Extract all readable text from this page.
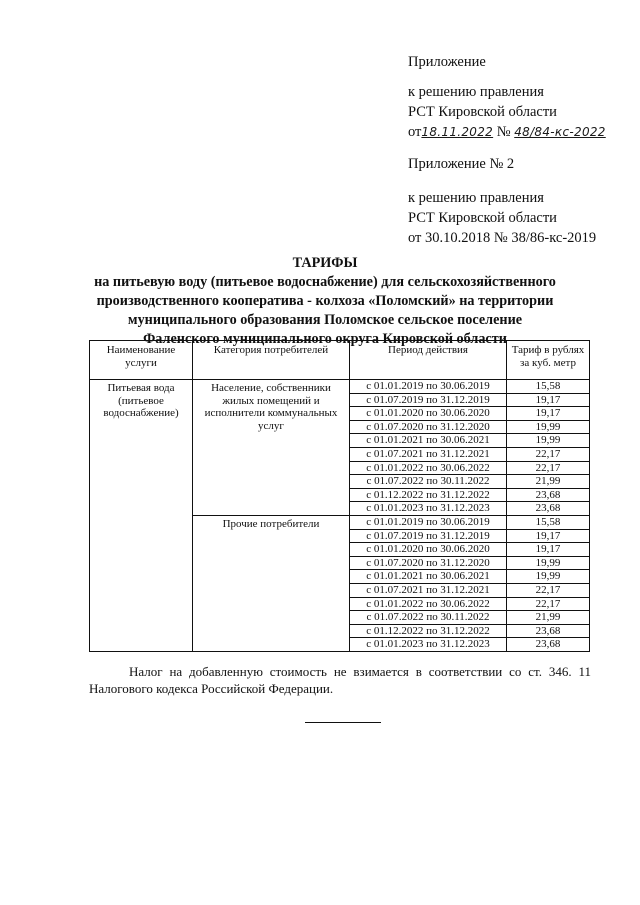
Приложение
к решению правления
РСТ Кировской области
от18.11.2022 № 48/84-кс-2022
Приложение № 2
к решению правления
РСТ Кировской области
от 30.10.2018 № 38/86-кс-2019
ТАРИФЫ
на питьевую воду (питьевое водоснабжение) для сельскохозяйственного
производственного кооператива - колхоза «Поломский» на территории
муниципального образования Поломское сельское поселение
Фаленского муниципального округа Кировской области
Наименование услуги	Категория потребителей	Период действия	Тариф в рублях за куб. метр
Питьевая вода (питьевое водоснабжение)	Население, собственники жилых помещений и исполнители коммунальных услуг	с 01.01.2019 по 30.06.2019	15,58
		с 01.07.2019 по 31.12.2019	19,17
		с 01.01.2020 по 30.06.2020	19,17
		с 01.07.2020 по 31.12.2020	19,99
		с 01.01.2021 по 30.06.2021	19,99
		с 01.07.2021 по 31.12.2021	22,17
		с 01.01.2022 по 30.06.2022	22,17
		с 01.07.2022 по 30.11.2022	21,99
		с 01.12.2022 по 31.12.2022	23,68
		с 01.01.2023 по 31.12.2023	23,68
	Прочие потребители	с 01.01.2019 по 30.06.2019	15,58
		с 01.07.2019 по 31.12.2019	19,17
		с 01.01.2020 по 30.06.2020	19,17
		с 01.07.2020 по 31.12.2020	19,99
		с 01.01.2021 по 30.06.2021	19,99
		с 01.07.2021 по 31.12.2021	22,17
		с 01.01.2022 по 30.06.2022	22,17
		с 01.07.2022 по 30.11.2022	21,99
		с 01.12.2022 по 31.12.2022	23,68
		с 01.01.2023 по 31.12.2023	23,68

Налог на добавленную стоимость не взимается в соответствии со ст. 346. 11 Налогового кодекса Российской Федерации.
